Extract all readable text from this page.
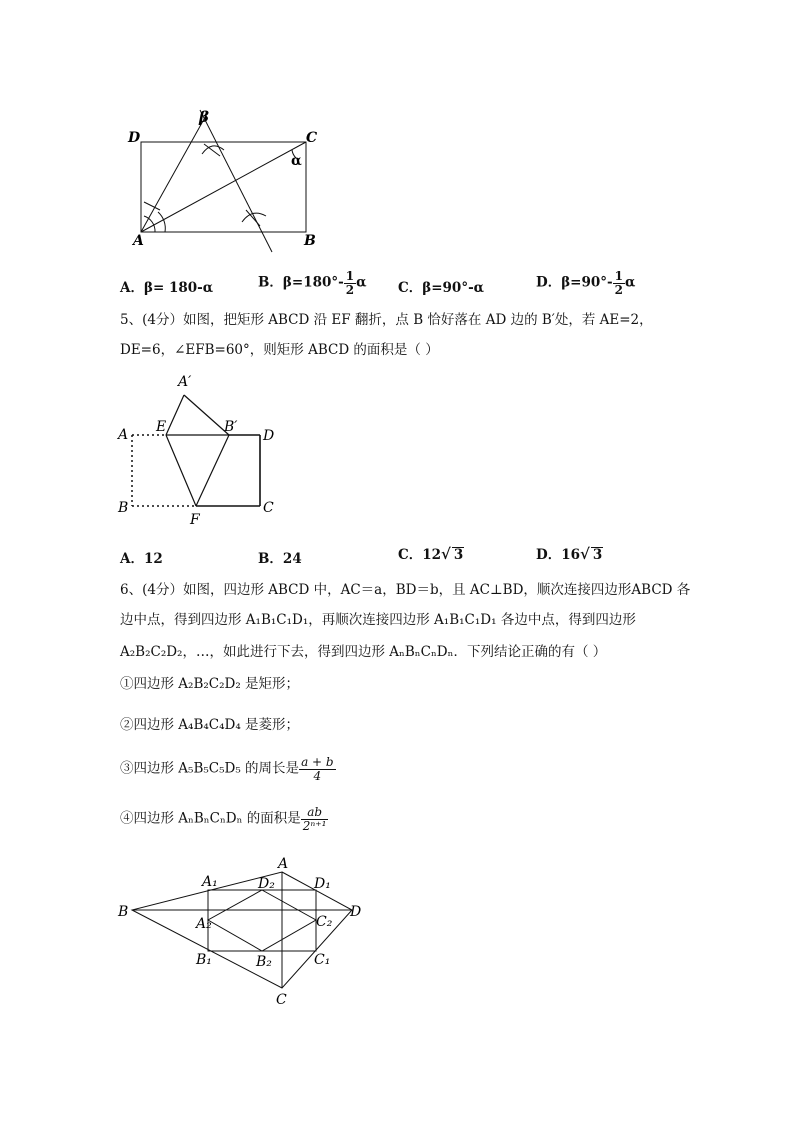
D	C
A	B
β
α
A．β= 180-α	B．$\beta=180^\circ- \frac{1}{2}$ α C．β=90°-α	D．$\beta=90^\circ- \frac{1}{2}$ α
5、(4分）如图，把矩形 ABCD 沿 EF 翻折，点 B 恰好落在 AD 边的 B′处，若 AE=2，
DE=6，∠EFB=60°，则矩形 ABCD 的面积是（ ）
A′
A E	B′
D
B
F
C
A．12	B．24	C．12√ 3	D．16√ 3
6、(4分）如图，四边形 ABCD 中，AC＝a，BD＝b，且 AC⊥BD，顺次连接四边形ABCD 各
边中点，得到四边形 A₁B₁C₁D₁，再顺次连接四边形 A₁B₁C₁D₁ 各边中点，得到四边形
A₂B₂C₂D₂，…，如此进行下去，得到四边形 AₙBₙCₙDₙ．下列结论正确的有（ ）
①四边形 A₂B₂C₂D₂ 是矩形；
②四边形 A₄B₄C₄D₄ 是菱形；
③四边形 A₅B₅C₅D₅ 的周长是 $\frac{a + b}{4}$
④四边形 AₙBₙCₙDₙ 的面积是 $\frac{ab}{\text{2ⁿ⁺¹}}$
A
A₁	D₂	D₁
B	D
A₂	C₂
B₁	B₂	C₁
C
